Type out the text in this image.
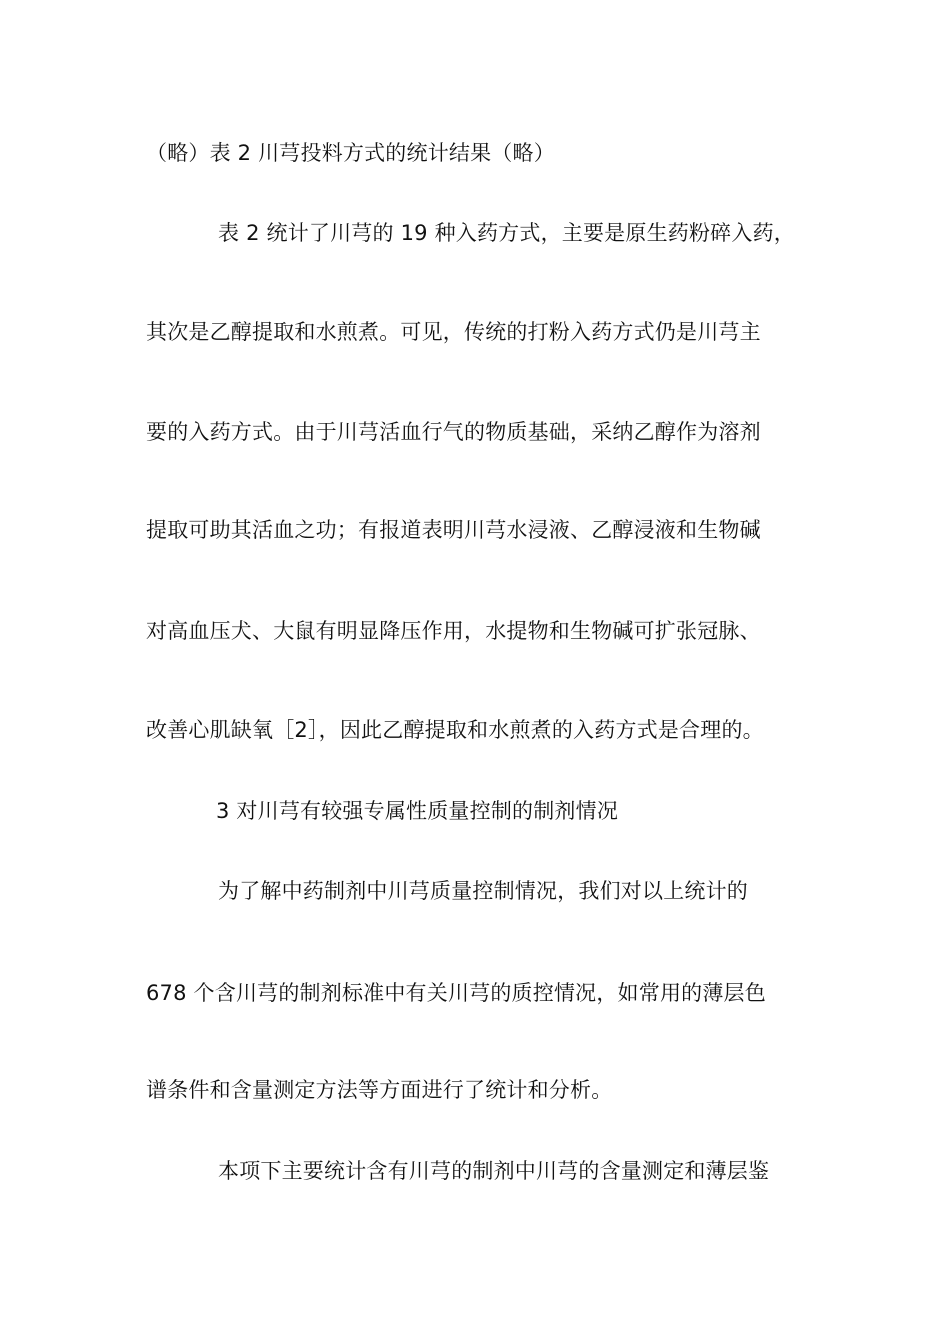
（略）表 2 川芎投料方式的统计结果（略）
表 2 统计了川芎的 19 种入药方式，主要是原生药粉碎入药，
其次是乙醇提取和水煎煮。可见，传统的打粉入药方式仍是川芎主
要的入药方式。由于川芎活血行气的物质基础，采纳乙醇作为溶剂
提取可助其活血之功；有报道表明川芎水浸液、乙醇浸液和生物碱
对高血压犬、大鼠有明显降压作用，水提物和生物碱可扩张冠脉、
改善心肌缺氧［2］，因此乙醇提取和水煎煮的入药方式是合理的。
3 对川芎有较强专属性质量控制的制剂情况
为了解中药制剂中川芎质量控制情况，我们对以上统计的
678 个含川芎的制剂标准中有关川芎的质控情况，如常用的薄层色
谱条件和含量测定方法等方面进行了统计和分析。
本项下主要统计含有川芎的制剂中川芎的含量测定和薄层鉴
